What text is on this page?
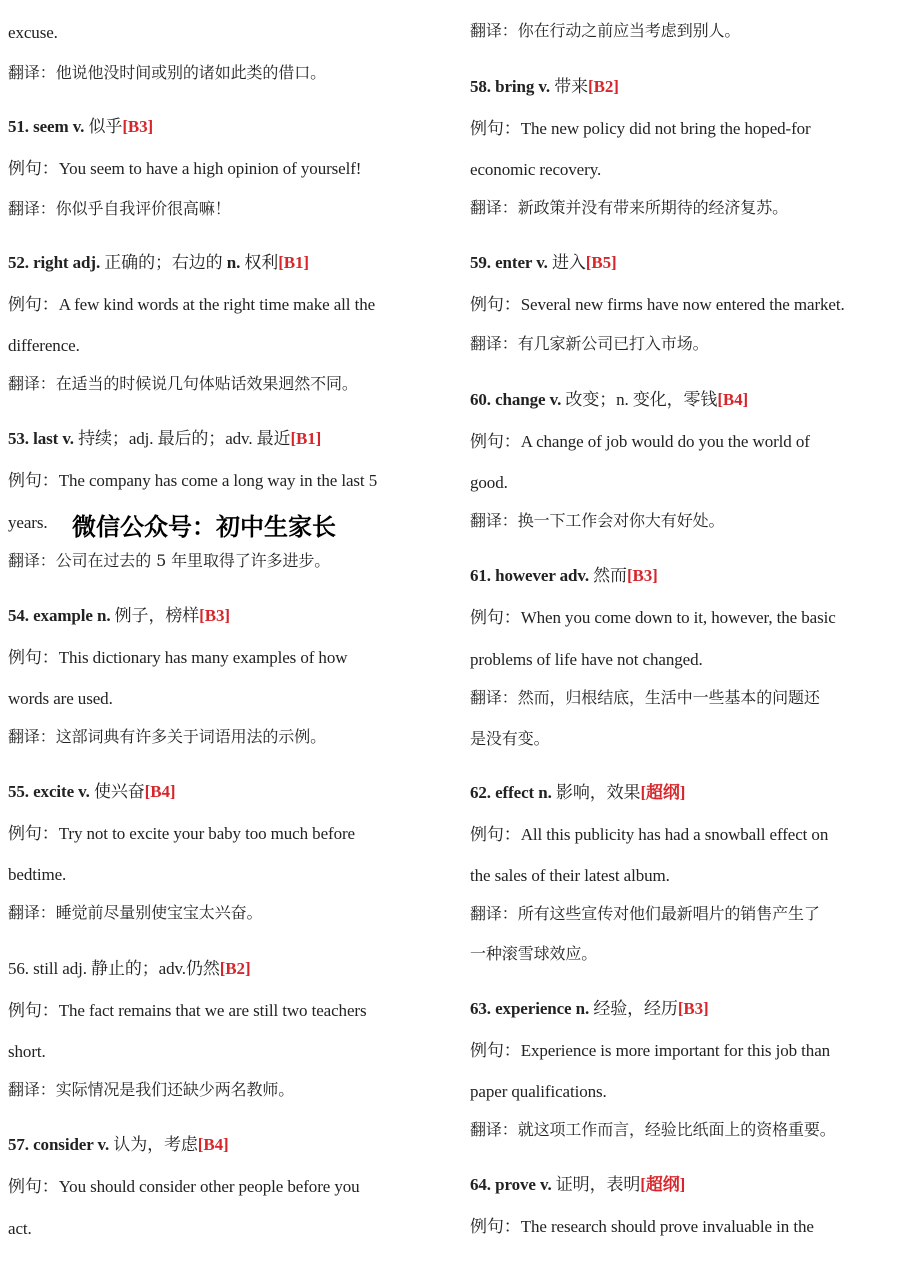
excuse.
翻译：他说他没时间或别的诸如此类的借口。
51. seem v. 似乎[B3]
例句：You seem to have a high opinion of yourself!
翻译：你似乎自我评价很高嘛！
52. right adj. 正确的；右边的 n. 权利[B1]
例句：A few kind words at the right time make all the
difference.
翻译：在适当的时候说几句体贴话效果迥然不同。
53. last v. 持续；adj. 最后的；adv. 最近[B1]
例句：The company has come a long way in the last 5
years.
翻译：公司在过去的 5 年里取得了许多进步。
54. example n. 例子，榜样[B3]
例句：This dictionary has many examples of how
words are used.
翻译：这部词典有许多关于词语用法的示例。
55. excite v. 使兴奋[B4]
例句：Try not to excite your baby too much before
bedtime.
翻译：睡觉前尽量别使宝宝太兴奋。
56. still adj. 静止的；adv.仍然[B2]
例句：The fact remains that we are still two teachers
short.
翻译：实际情况是我们还缺少两名教师。
57. consider v. 认为，考虑[B4]
例句：You should consider other people before you
act.
翻译：你在行动之前应当考虑到别人。
58. bring v. 带来[B2]
例句：The new policy did not bring the hoped-for
economic recovery.
翻译：新政策并没有带来所期待的经济复苏。
59. enter v. 进入[B5]
例句：Several new firms have now entered the market.
翻译：有几家新公司已打入市场。
60. change v. 改变；n. 变化，零钱[B4]
例句：A change of job would do you the world of
good.
翻译：换一下工作会对你大有好处。
61. however adv. 然而[B3]
例句：When you come down to it, however, the basic
problems of life have not changed.
翻译：然而，归根结底，生活中一些基本的问题还
是没有变。
62. effect n. 影响，效果[超纲]
例句：All this publicity has had a snowball effect on
the sales of their latest album.
翻译：所有这些宣传对他们最新唱片的销售产生了
一种滚雪球效应。
63. experience n. 经验，经历[B3]
例句：Experience is more important for this job than
paper qualifications.
翻译：就这项工作而言，经验比纸面上的资格重要。
64. prove v. 证明，表明[超纲]
例句：The research should prove invaluable in the
微信公众号：初中生家长
